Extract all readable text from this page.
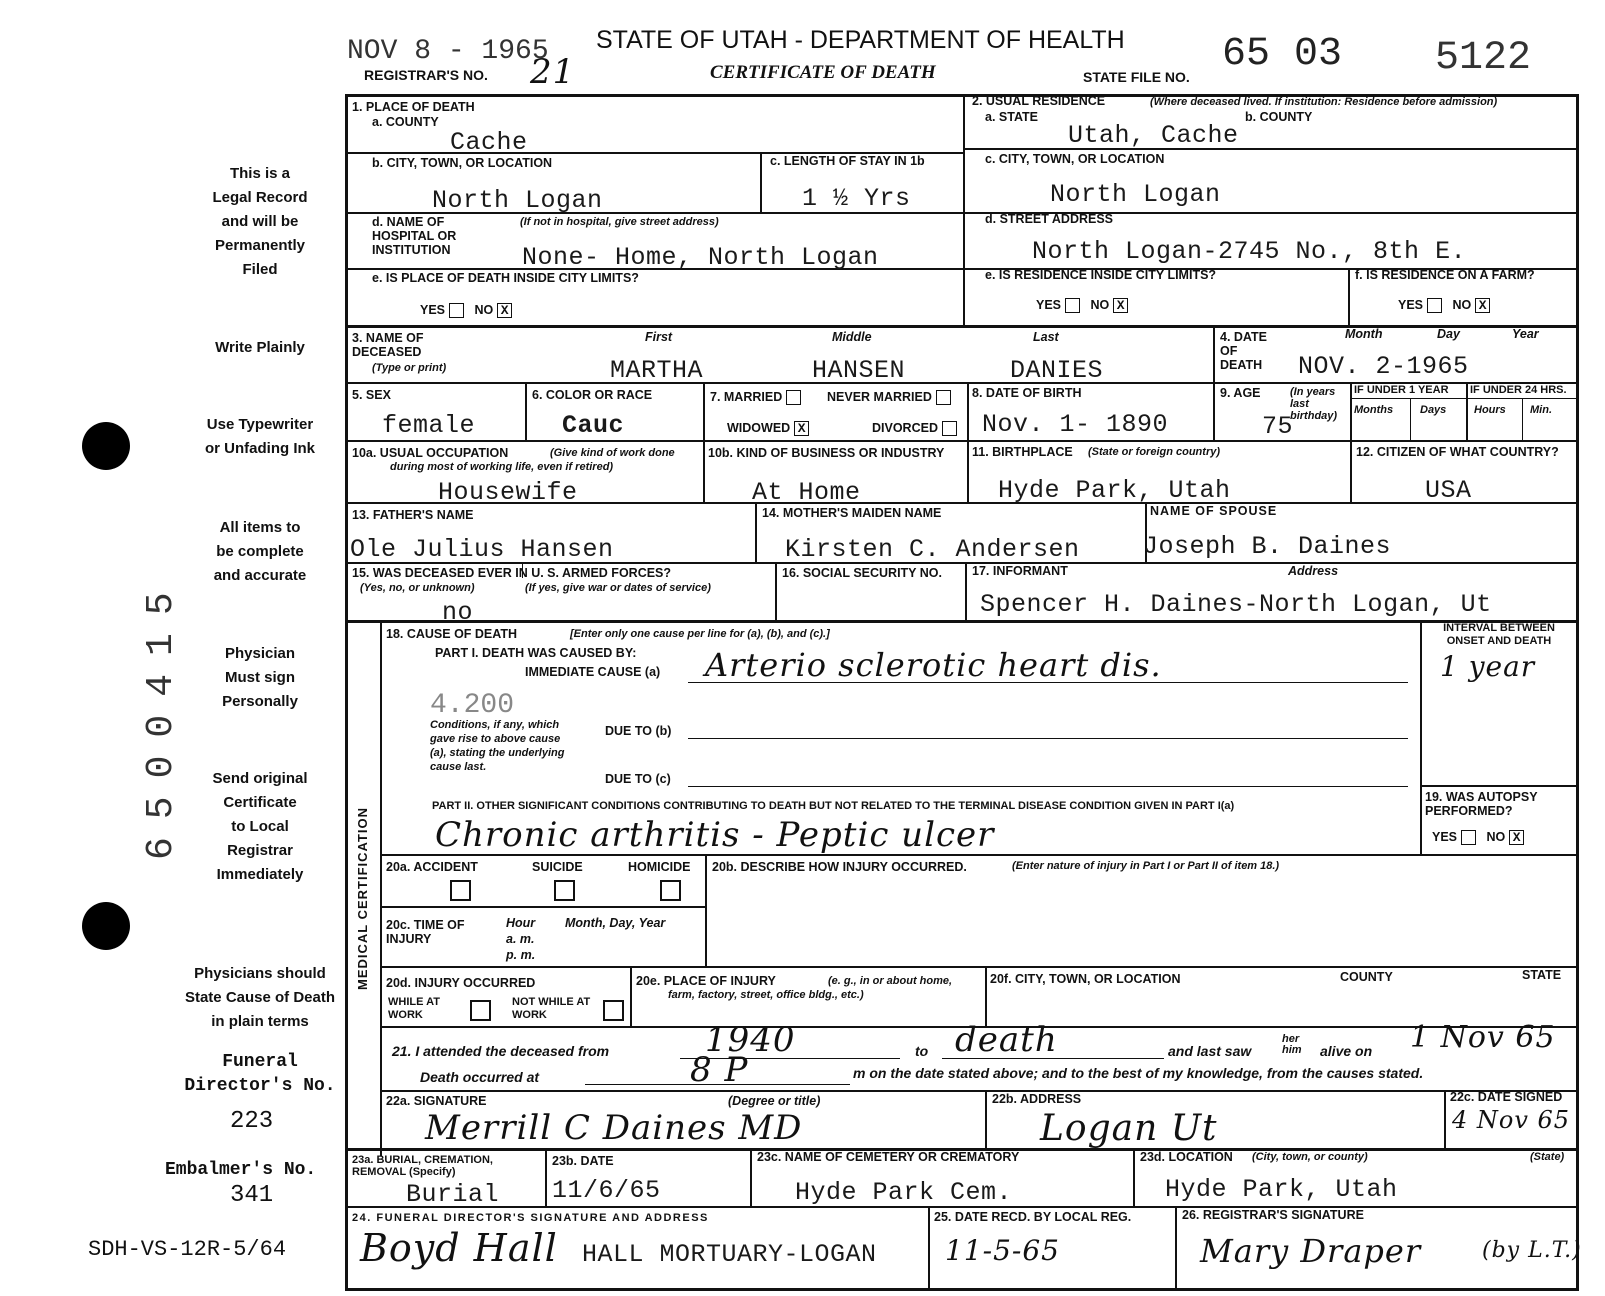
NOV 8 - 1965
REGISTRAR'S NO. 21
STATE OF UTAH - DEPARTMENT OF HEALTH
CERTIFICATE OF DEATH	STATE FILE NO. 65 03 5122
This is a
Legal Record
and will be
Permanently
Filed
Write Plainly
Use Typewriter
or Unfading Ink
All items to
be complete
and accurate
Physician
Must sign
Personally
Send original
Certificate
to Local
Registrar
Immediately
Physicians should
State Cause of Death
in plain terms
Funeral
Director's No.
223
Embalmer's No.
341
SDH-VS-12R-5/64
6500415
1. PLACE OF DEATH
a. COUNTY
Cache
b. CITY, TOWN, OR LOCATION
North Logan
c. LENGTH OF STAY IN 1b
1 ½ Yrs
d. NAME OF HOSPITAL OR INSTITUTION
(If not in hospital, give street address)
None- Home, North Logan
e. IS PLACE OF DEATH INSIDE CITY LIMITS?
YES NOX
2. USUAL RESIDENCE	(Where deceased lived. If institution: Residence before admission)
a. STATE	b. COUNTY
Utah, Cache
c. CITY, TOWN, OR LOCATION
North Logan
d. STREET ADDRESS
North Logan-2745 No., 8th E.
e. IS RESIDENCE INSIDE CITY LIMITS?
YES NOX
f. IS RESIDENCE ON A FARM?
YES NOX
3. NAME OF DECEASED
(Type or print)
First	Middle	Last
MARTHA	HANSEN	DANIES
4. DATE OF DEATH
Month	Day	Year
NOV. 2-1965
5. SEX
female
6. COLOR OR RACE
Cauc
7. MARRIED	NEVER MARRIED
WIDOWEDX	DIVORCED
8. DATE OF BIRTH
Nov. 1- 1890
9. AGE	(In years last birthday)
75
IF UNDER 1 YEAR IF UNDER 24 HRS.
Months Days	Hours Min.
10a. USUAL OCCUPATION	(Give kind of work done during most of working life, even if retired)
Housewife
10b. KIND OF BUSINESS OR INDUSTRY
At Home
11. BIRTHPLACE (State or foreign country)
Hyde Park, Utah
12. CITIZEN OF WHAT COUNTRY?
USA
13. FATHER'S NAME
Ole Julius Hansen
14. MOTHER'S MAIDEN NAME
Kirsten C. Andersen
NAME OF SPOUSE
Joseph B. Daines
15. WAS DECEASED EVER IN U. S. ARMED FORCES?
(Yes, no, or unknown)	(If yes, give war or dates of service)
no
16. SOCIAL SECURITY NO. 17. INFORMANT	Address
Spencer H. Daines-North Logan, Ut
MEDICAL CERTIFICATION
18. CAUSE OF DEATH	[Enter only one cause per line for (a), (b), and (c).]
PART I. DEATH WAS CAUSED BY:
IMMEDIATE CAUSE (a) Arterio sclerotic heart dis.
INTERVAL BETWEEN ONSET AND DEATH
1 year
4.200
Conditions, if any, which gave rise to above cause (a), stating the underlying cause last.
DUE TO (b)
DUE TO (c)
PART II. OTHER SIGNIFICANT CONDITIONS CONTRIBUTING TO DEATH BUT NOT RELATED TO THE TERMINAL DISEASE CONDITION GIVEN IN PART I(a)
Chronic arthritis - Peptic ulcer
19. WAS AUTOPSY PERFORMED?
YES NOX
20a. ACCIDENT	SUICIDE	HOMICIDE 20b. DESCRIBE HOW INJURY OCCURRED.	(Enter nature of injury in Part I or Part II of item 18.)
20c. TIME OF INJURY
Hour
a. m.
p. m.
Month, Day, Year
20d. INJURY OCCURRED
WHILE AT WORK
NOT WHILE AT WORK
20e. PLACE OF INJURY	(e. g., in or about home, farm, factory, street, office bldg., etc.)
20f. CITY, TOWN, OR LOCATION	COUNTY	STATE
21. I attended the deceased from	1940	to death	and last saw
her him	alive on 1 Nov 65
Death occurred at	8 P	m on the date stated above; and to the best of my knowledge, from the causes stated.
22a. SIGNATURE	(Degree or title)
Merrill C Daines MD
22b. ADDRESS
Logan Ut
22c. DATE SIGNED
4 Nov 65
23a. BURIAL, CREMATION, REMOVAL (Specify)
Burial
23b. DATE
11/6/65
23c. NAME OF CEMETERY OR CREMATORY
Hyde Park Cem.
23d. LOCATION (City, town, or county)	(State)
Hyde Park, Utah
24. FUNERAL DIRECTOR'S SIGNATURE AND ADDRESS
Boyd Hall HALL MORTUARY-LOGAN
25. DATE RECD. BY LOCAL REG.
11-5-65
26. REGISTRAR'S SIGNATURE
Mary Draper	(by L.T.)
